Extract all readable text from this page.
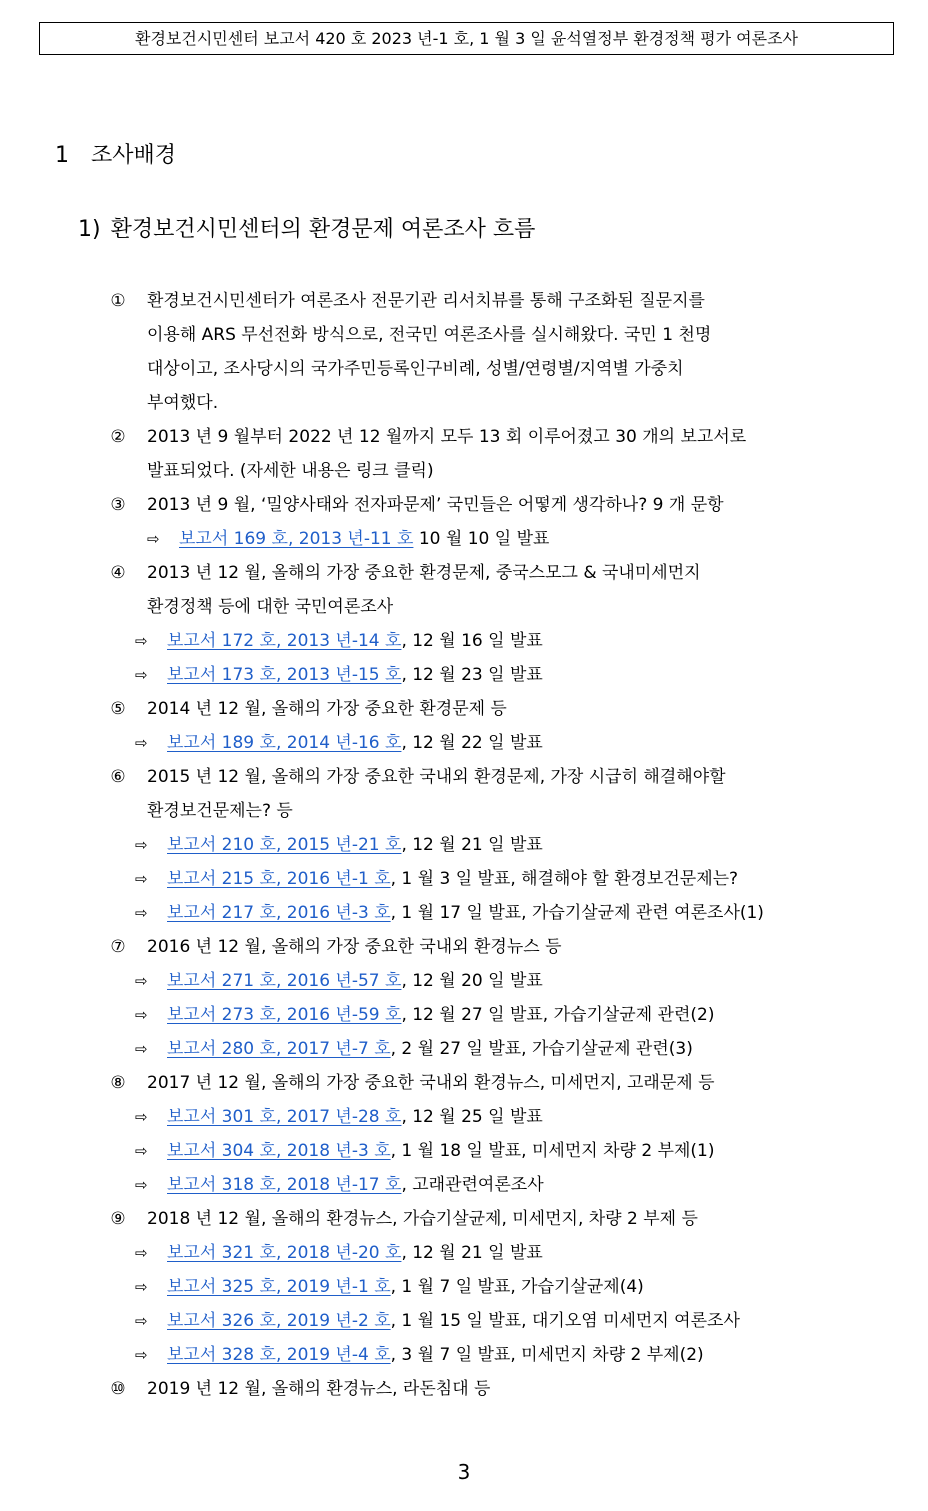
환경보건시민센터 보고서 420 호 2023 년-1 호, 1 월 3 일 윤석열정부 환경정책 평가 여론조사
1 조사배경
1) 환경보건시민센터의 환경문제 여론조사 흐름
① 환경보건시민센터가 여론조사 전문기관 리서치뷰를 통해 구조화된 질문지를
이용해 ARS 무선전화 방식으로, 전국민 여론조사를 실시해왔다. 국민 1 천명
대상이고, 조사당시의 국가주민등록인구비례, 성별/연령별/지역별 가중치
부여했다.
② 2013 년 9 월부터 2022 년 12 월까지 모두 13 회 이루어졌고 30 개의 보고서로
발표되었다. (자세한 내용은 링크 클릭)
③ 2013 년 9 월, ‘밀양사태와 전자파문제’ 국민들은 어떻게 생각하나? 9 개 문항
⇨ 보고서 169 호, 2013 년-11 호 10 월 10 일 발표
④ 2013 년 12 월, 올해의 가장 중요한 환경문제, 중국스모그 & 국내미세먼지
환경정책 등에 대한 국민여론조사
⇨ 보고서 172 호, 2013 년-14 호, 12 월 16 일 발표
⇨ 보고서 173 호, 2013 년-15 호, 12 월 23 일 발표
⑤ 2014 년 12 월, 올해의 가장 중요한 환경문제 등
⇨ 보고서 189 호, 2014 년-16 호, 12 월 22 일 발표
⑥ 2015 년 12 월, 올해의 가장 중요한 국내외 환경문제, 가장 시급히 해결해야할
환경보건문제는? 등
⇨ 보고서 210 호, 2015 년-21 호, 12 월 21 일 발표
⇨ 보고서 215 호, 2016 년-1 호, 1 월 3 일 발표, 해결해야 할 환경보건문제는?
⇨ 보고서 217 호, 2016 년-3 호, 1 월 17 일 발표, 가습기살균제 관련 여론조사(1)
⑦ 2016 년 12 월, 올해의 가장 중요한 국내외 환경뉴스 등
⇨ 보고서 271 호, 2016 년-57 호, 12 월 20 일 발표
⇨ 보고서 273 호, 2016 년-59 호, 12 월 27 일 발표, 가습기살균제 관련(2)
⇨ 보고서 280 호, 2017 년-7 호, 2 월 27 일 발표, 가습기살균제 관련(3)
⑧ 2017 년 12 월, 올해의 가장 중요한 국내외 환경뉴스, 미세먼지, 고래문제 등
⇨ 보고서 301 호, 2017 년-28 호, 12 월 25 일 발표
⇨ 보고서 304 호, 2018 년-3 호, 1 월 18 일 발표, 미세먼지 차량 2 부제(1)
⇨ 보고서 318 호, 2018 년-17 호, 고래관련여론조사
⑨ 2018 년 12 월, 올해의 환경뉴스, 가습기살균제, 미세먼지, 차량 2 부제 등
⇨ 보고서 321 호, 2018 년-20 호, 12 월 21 일 발표
⇨ 보고서 325 호, 2019 년-1 호, 1 월 7 일 발표, 가습기살균제(4)
⇨ 보고서 326 호, 2019 년-2 호, 1 월 15 일 발표, 대기오염 미세먼지 여론조사
⇨ 보고서 328 호, 2019 년-4 호, 3 월 7 일 발표, 미세먼지 차량 2 부제(2)
⑩ 2019 년 12 월, 올해의 환경뉴스, 라돈침대 등
3
